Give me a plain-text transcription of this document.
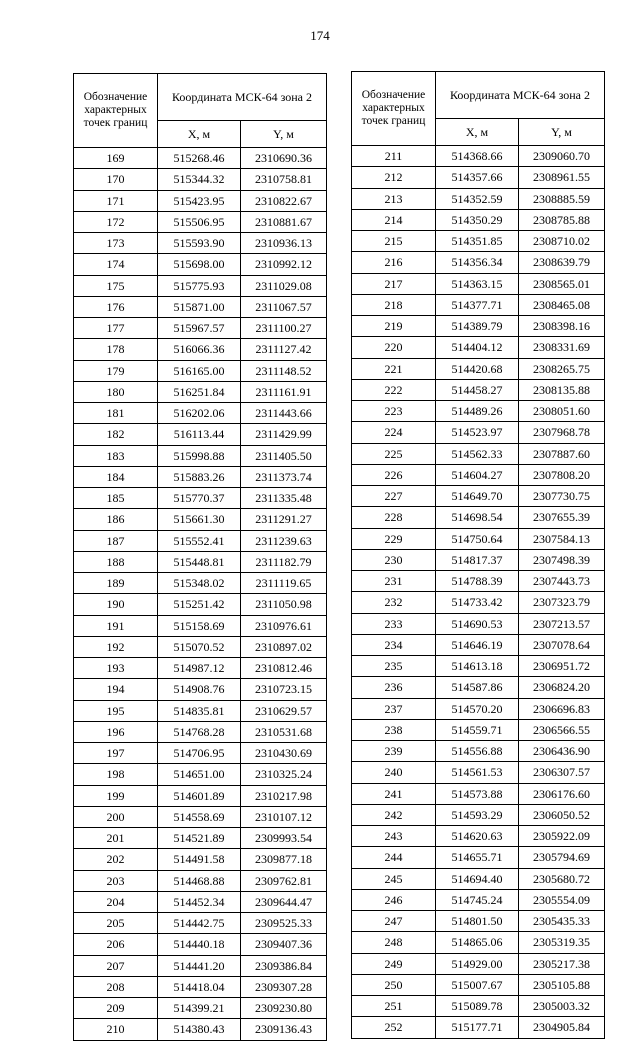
174
Обозначение характерных точек границ	Координата МСК-64 зона 2	
	X, м	Y, м
169	515268.46	2310690.36
170	515344.32	2310758.81
171	515423.95	2310822.67
172	515506.95	2310881.67
173	515593.90	2310936.13
174	515698.00	2310992.12
175	515775.93	2311029.08
176	515871.00	2311067.57
177	515967.57	2311100.27
178	516066.36	2311127.42
179	516165.00	2311148.52
180	516251.84	2311161.91
181	516202.06	2311443.66
182	516113.44	2311429.99
183	515998.88	2311405.50
184	515883.26	2311373.74
185	515770.37	2311335.48
186	515661.30	2311291.27
187	515552.41	2311239.63
188	515448.81	2311182.79
189	515348.02	2311119.65
190	515251.42	2311050.98
191	515158.69	2310976.61
192	515070.52	2310897.02
193	514987.12	2310812.46
194	514908.76	2310723.15
195	514835.81	2310629.57
196	514768.28	2310531.68
197	514706.95	2310430.69
198	514651.00	2310325.24
199	514601.89	2310217.98
200	514558.69	2310107.12
201	514521.89	2309993.54
202	514491.58	2309877.18
203	514468.88	2309762.81
204	514452.34	2309644.47
205	514442.75	2309525.33
206	514440.18	2309407.36
207	514441.20	2309386.84
208	514418.04	2309307.28
209	514399.21	2309230.80
210	514380.43	2309136.43
Обозначение характерных точек границ	Координата МСК-64 зона 2	
	X, м	Y, м
211	514368.66	2309060.70
212	514357.66	2308961.55
213	514352.59	2308885.59
214	514350.29	2308785.88
215	514351.85	2308710.02
216	514356.34	2308639.79
217	514363.15	2308565.01
218	514377.71	2308465.08
219	514389.79	2308398.16
220	514404.12	2308331.69
221	514420.68	2308265.75
222	514458.27	2308135.88
223	514489.26	2308051.60
224	514523.97	2307968.78
225	514562.33	2307887.60
226	514604.27	2307808.20
227	514649.70	2307730.75
228	514698.54	2307655.39
229	514750.64	2307584.13
230	514817.37	2307498.39
231	514788.39	2307443.73
232	514733.42	2307323.79
233	514690.53	2307213.57
234	514646.19	2307078.64
235	514613.18	2306951.72
236	514587.86	2306824.20
237	514570.20	2306696.83
238	514559.71	2306566.55
239	514556.88	2306436.90
240	514561.53	2306307.57
241	514573.88	2306176.60
242	514593.29	2306050.52
243	514620.63	2305922.09
244	514655.71	2305794.69
245	514694.40	2305680.72
246	514745.24	2305554.09
247	514801.50	2305435.33
248	514865.06	2305319.35
249	514929.00	2305217.38
250	515007.67	2305105.88
251	515089.78	2305003.32
252	515177.71	2304905.84
